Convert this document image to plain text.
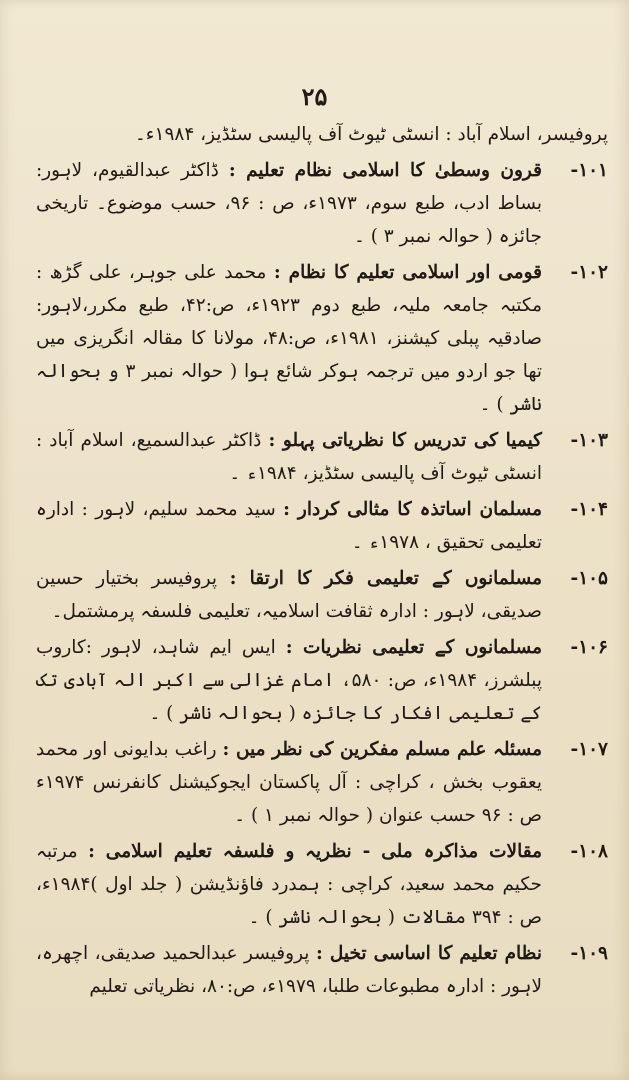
۲۵
پروفیسر، اسلام آباد : انسٹی ٹیوٹ آف پالیسی سٹڈیز، ۱۹۸۴ء۔
۱۰۱-
قرون وسطیٰ کا اسلامی نظام تعلیم : ڈاکٹر عبدالقیوم، لاہور: بساط ادب، طبع سوم، ۱۹۷۳ء، ص : ۹۶، حسب موضوع۔ تاریخی جائزہ ( حوالہ نمبر ۳ ) ۔
۱۰۲-
قومی اور اسلامی تعلیم کا نظام : محمد علی جوہر، علی گڑھ : مکتبہ جامعہ ملیہ، طبع دوم ۱۹۲۳ء، ص:۴۲، طبع مکرر،لاہور: صادقیہ پبلی کیشنز، ۱۹۸۱ء، ص:۴۸، مولانا کا مقالہ انگریزی میں تھا جو اردو میں ترجمہ ہوکر شائع ہوا ( حوالہ نمبر ۳ و بحوالہ ناشر ) ۔
۱۰۳-
کیمیا کی تدریس کا نظریاتی پہلو : ڈاکٹر عبدالسمیع، اسلام آباد : انسٹی ٹیوٹ آف پالیسی سٹڈیز، ۱۹۸۴ء ۔
۱۰۴-
مسلمان اساتذہ کا مثالی کردار : سید محمد سلیم، لاہور : ادارہ تعلیمی تحقیق ، ۱۹۷۸ء ۔
۱۰۵-
مسلمانوں کے تعلیمی فکر کا ارتقا : پروفیسر بختیار حسین صدیقی، لاہور : ادارہ ثقافت اسلامیہ، تعلیمی فلسفہ پرمشتمل۔
۱۰۶-
مسلمانوں کے تعلیمی نظریات : ایس ایم شاہد، لاہور :کاروب پبلشرز، ۱۹۸۴ء، ص: ۵۸۰، امام غزالی سے اکبر الہ آبادی تک کے تعلیمی افکار کا جائزہ ( بحوالہ ناشر ) ۔
۱۰۷-
مسئلہ علم مسلم مفکرین کی نظر میں : راغب بدایونی اور محمد یعقوب بخش ، کراچی : آل پاکستان ایجوکیشنل کانفرنس ۱۹۷۴ء ص : ۹۶ حسب عنوان ( حوالہ نمبر ۱ ) ۔
۱۰۸-
مقالات مذاکرہ ملی - نظریہ و فلسفہ تعلیم اسلامی : مرتبہ حکیم محمد سعید، کراچی : ہمدرد فاؤنڈیشن ( جلد اول )۱۹۸۴ء، ص : ۳۹۴ مقالات ( بحوالہ ناشر ) ۔
۱۰۹-
نظام تعلیم کا اساسی تخیل : پروفیسر عبدالحمید صدیقی، اچھرہ، لاہور : ادارہ مطبوعات طلبا، ۱۹۷۹ء، ص:۸۰، نظریاتی تعلیم
